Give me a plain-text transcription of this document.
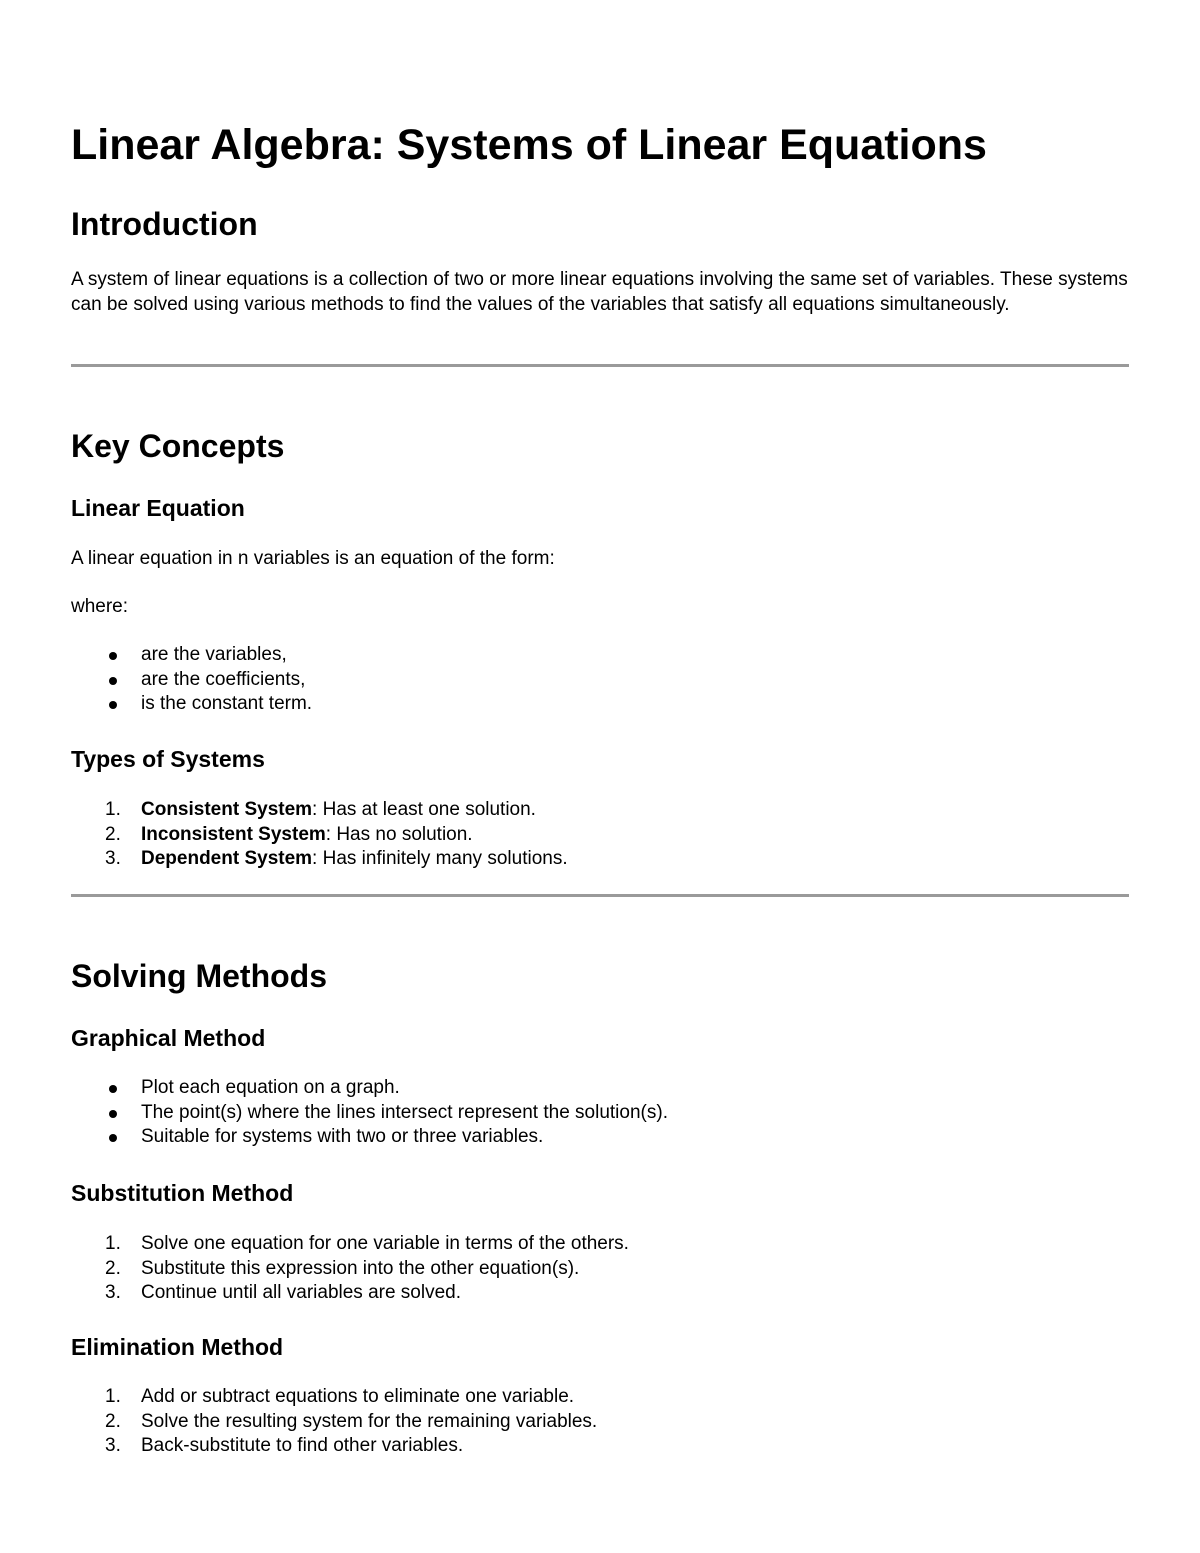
Linear Algebra: Systems of Linear Equations
Introduction

A system of linear equations is a collection of two or more linear equations involving the same set of variables. These systems can be solved using various methods to find the values of the variables that satisfy all equations simultaneously.

Key Concepts
Linear Equation

A linear equation in n variables is an equation of the form:

where:

are the variables,
are the coefficients,
is the constant term.
Types of Systems
1. Consistent System: Has at least one solution.
2. Inconsistent System: Has no solution.
3. Dependent System: Has infinitely many solutions.
Solving Methods
Graphical Method
Plot each equation on a graph.
The point(s) where the lines intersect represent the solution(s).
Suitable for systems with two or three variables.
Substitution Method
1. Solve one equation for one variable in terms of the others.
2. Substitute this expression into the other equation(s).
3. Continue until all variables are solved.
Elimination Method
1. Add or subtract equations to eliminate one variable.
2. Solve the resulting system for the remaining variables.
3. Back-substitute to find other variables.
